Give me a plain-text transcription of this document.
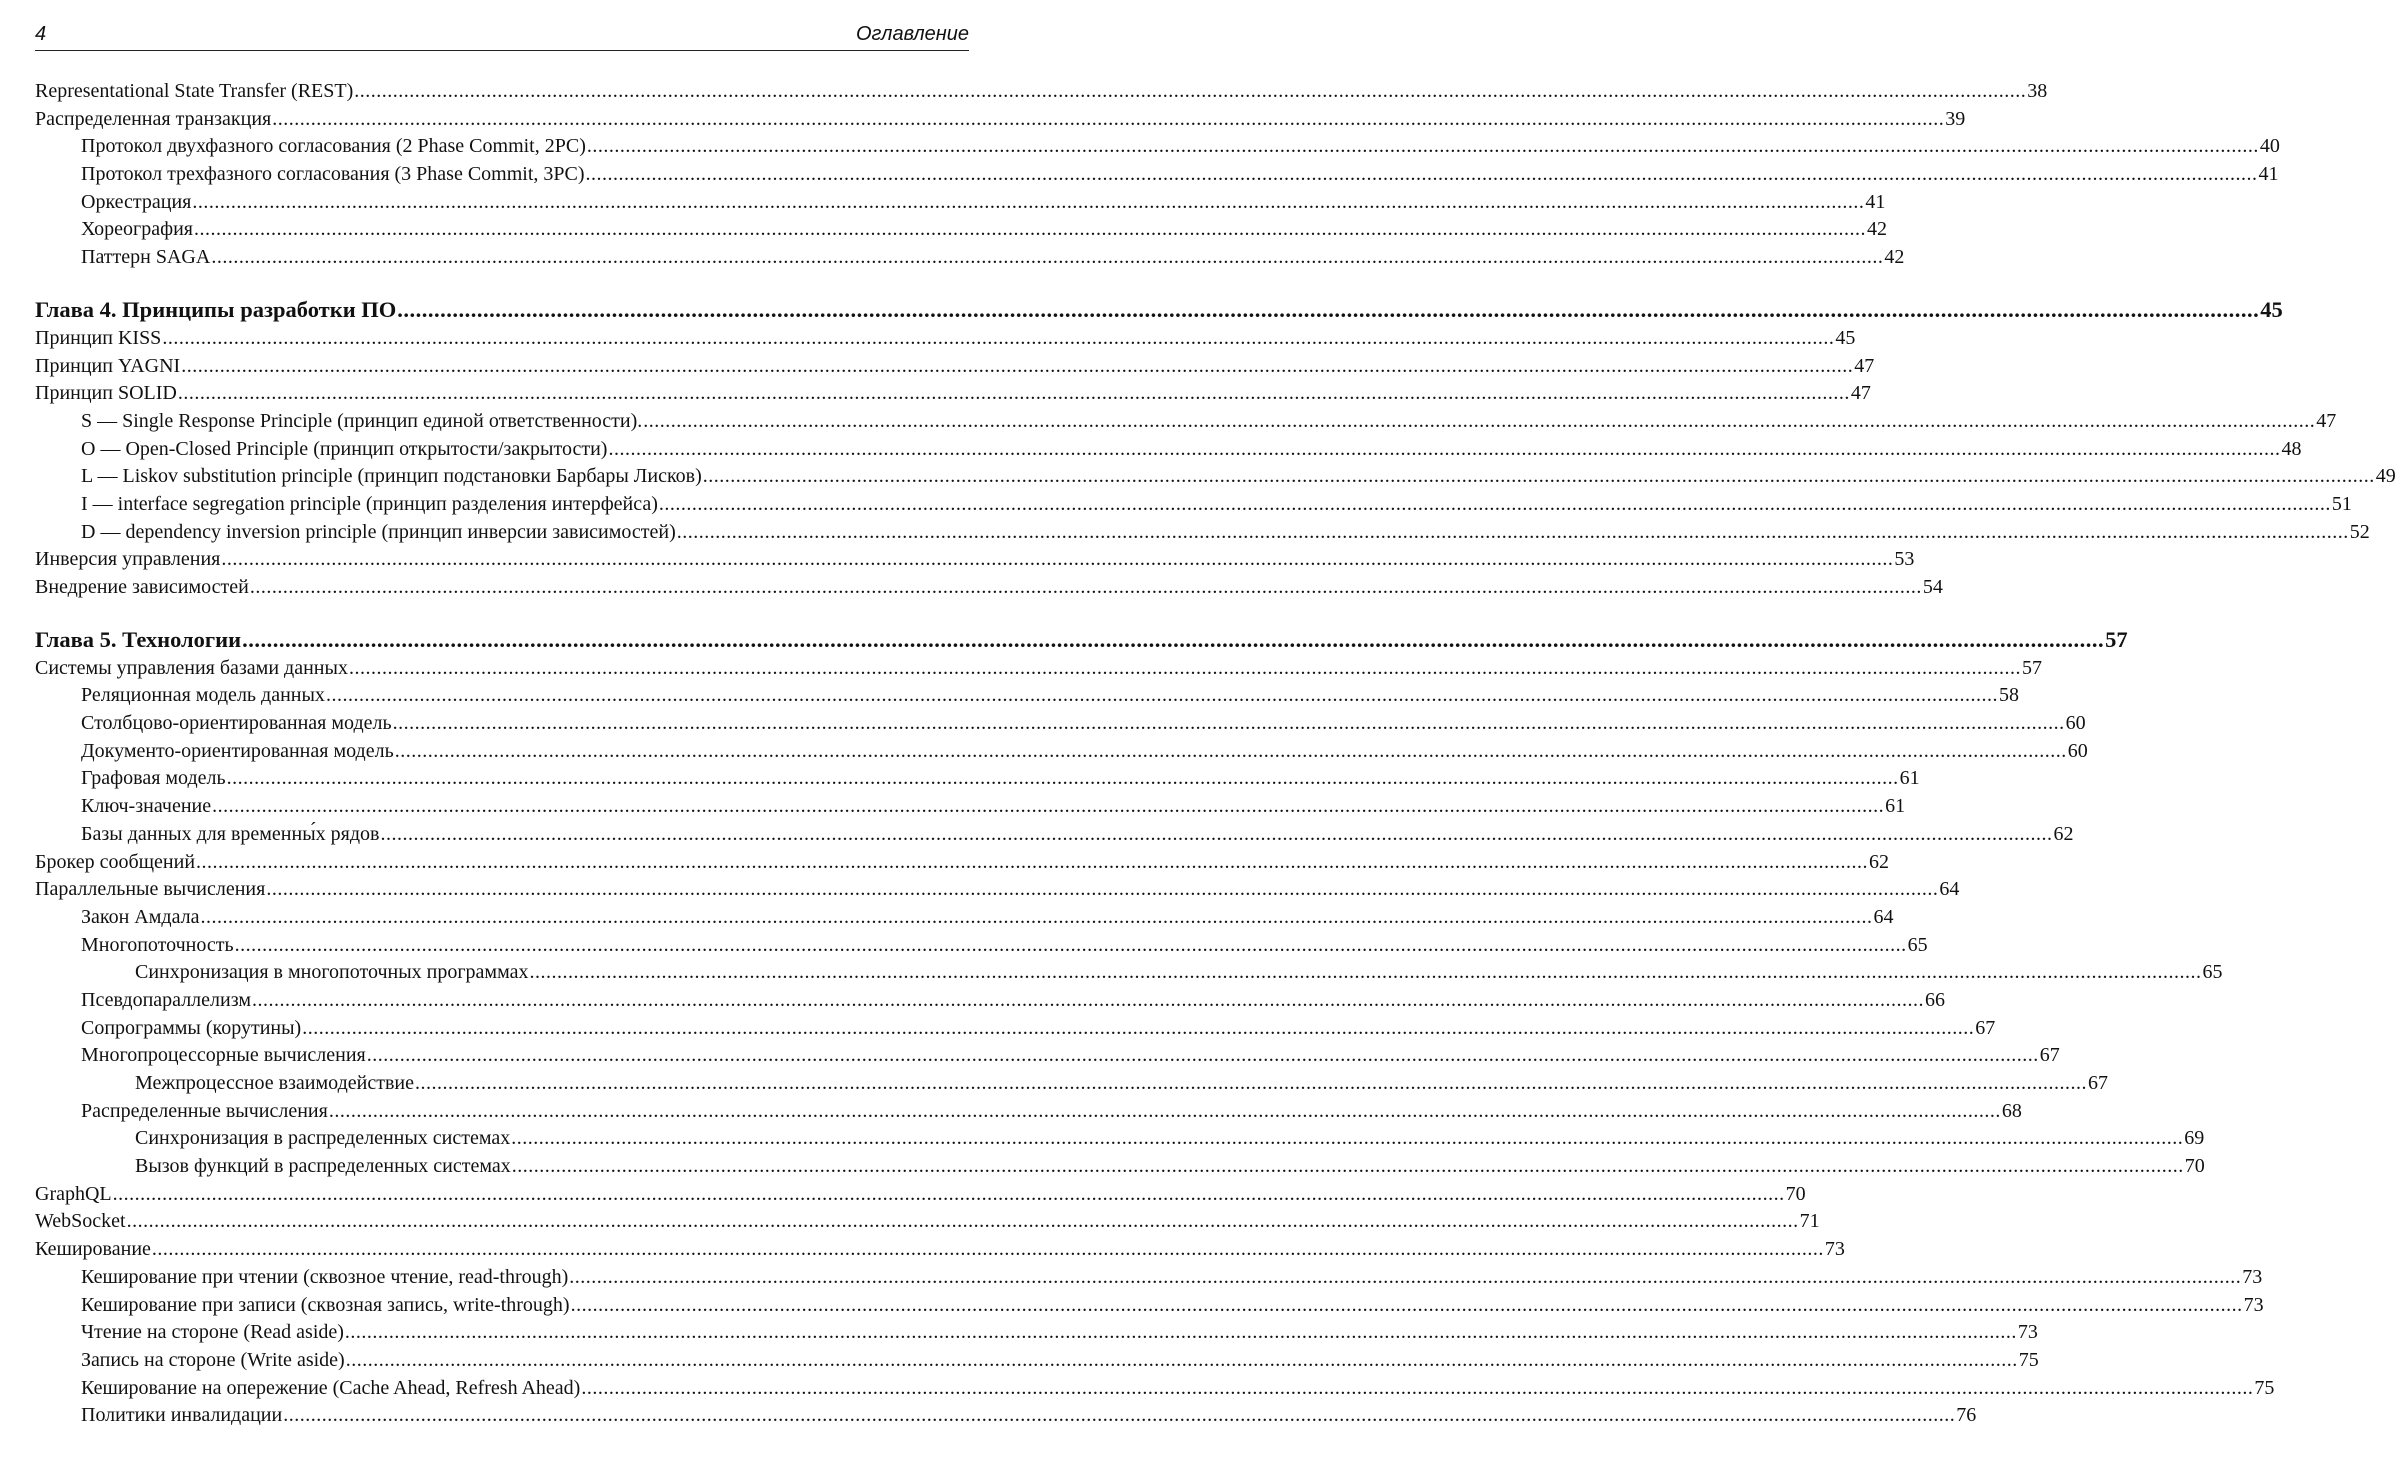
4	Оглавление
Representational State Transfer (REST) .....	38
Распределенная транзакция .....	39
Протокол двухфазного согласования (2 Phase Commit, 2PC) .....	40
Протокол трехфазного согласования (3 Phase Commit, 3PC) .....	41
Оркестрация .....	41
Хореография .....	42
Паттерн SAGA .....	42
Глава 4. Принципы разработки ПО .....	45
Принцип KISS .....	45
Принцип YAGNI .....	47
Принцип SOLID .....	47
S — Single Response Principle (принцип единой ответственности). .....	47
O — Open-Closed Principle (принцип открытости/закрытости) .....	48
L — Liskov substitution principle (принцип подстановки Барбары Лисков) .....	49
I — interface segregation principle (принцип разделения интерфейса) .....	51
D — dependency inversion principle (принцип инверсии зависимостей) .....	52
Инверсия управления .....	53
Внедрение зависимостей .....	54
Глава 5. Технологии .....	57
Системы управления базами данных .....	57
Реляционная модель данных .....	58
Столбцово-ориентированная модель .....	60
Документо-ориентированная модель .....	60
Графовая модель .....	61
Ключ-значение .....	61
Базы данных для временны́х рядов .....	62
Брокер сообщений .....	62
Параллельные вычисления .....	64
Закон Амдала .....	64
Многопоточность .....	65
Синхронизация в многопоточных программах .....	65
Псевдопараллелизм .....	66
Сопрограммы (корутины) .....	67
Многопроцессорные вычисления .....	67
Межпроцессное взаимодействие .....	67
Распределенные вычисления .....	68
Синхронизация в распределенных системах .....	69
Вызов функций в распределенных системах .....	70
GraphQL .....	70
WebSocket .....	71
Кеширование .....	73
Кеширование при чтении (сквозное чтение, read-through) .....	73
Кеширование при записи (сквозная запись, write-through) .....	73
Чтение на стороне (Read aside) .....	73
Запись на стороне (Write aside) .....	75
Кеширование на опережение (Cache Ahead, Refresh Ahead) .....	75
Политики инвалидации .....	76
